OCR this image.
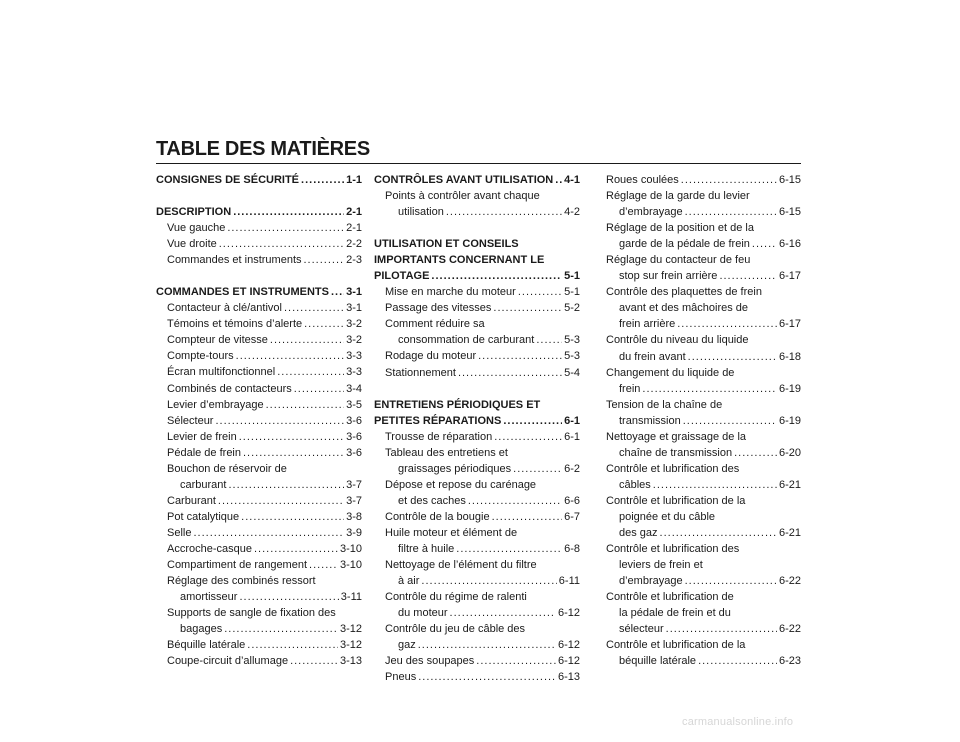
TABLE DES MATIÈRES
CONSIGNES DE SÉCURITÉ .....	1-1
DESCRIPTION .....	2-1
Vue gauche .....	2-1
Vue droite .....	2-2
Commandes et instruments .....	2-3
COMMANDES ET INSTRUMENTS ..... 3-1
Contacteur à clé/antivol .....	3-1
Témoins et témoins d’alerte .....	3-2
Compteur de vitesse .....	3-2
Compte-tours .....	3-3
Écran multifonctionnel .....	3-3
Combinés de contacteurs .....	3-4
Levier d’embrayage .....	3-5
Sélecteur .....	3-6
Levier de frein .....	3-6
Pédale de frein .....	3-6
Bouchon de réservoir de
carburant .....	3-7
Carburant .....	3-7
Pot catalytique .....	3-8
Selle .....	3-9
Accroche-casque .....	3-10
Compartiment de rangement .....	3-10
Réglage des combinés ressort
amortisseur .....	3-11
Supports de sangle de fixation des
bagages .....	3-12
Béquille latérale .....	3-12
Coupe-circuit d’allumage .....	3-13
CONTRÔLES AVANT UTILISATION ..... 4-1
Points à contrôler avant chaque
utilisation .....	4-2
UTILISATION ET CONSEILS
IMPORTANTS CONCERNANT LE
PILOTAGE .....	5-1
Mise en marche du moteur .....	5-1
Passage des vitesses .....	5-2
Comment réduire sa
consommation de carburant .....	5-3
Rodage du moteur .....	5-3
Stationnement .....	5-4
ENTRETIENS PÉRIODIQUES ET
PETITES RÉPARATIONS .....	6-1
Trousse de réparation .....	6-1
Tableau des entretiens et
graissages périodiques .....	6-2
Dépose et repose du carénage
et des caches .....	6-6
Contrôle de la bougie .....	6-7
Huile moteur et élément de
filtre à huile .....	6-8
Nettoyage de l’élément du filtre
à air .....	6-11
Contrôle du régime de ralenti
du moteur .....	6-12
Contrôle du jeu de câble des
gaz .....	6-12
Jeu des soupapes .....	6-12
Pneus .....	6-13
Roues coulées .....	6-15
Réglage de la garde du levier
d’embrayage .....	6-15
Réglage de la position et de la
garde de la pédale de frein .....	6-16
Réglage du contacteur de feu
stop sur frein arrière .....	6-17
Contrôle des plaquettes de frein
avant et des mâchoires de
frein arrière .....	6-17
Contrôle du niveau du liquide
du frein avant .....	6-18
Changement du liquide de
frein .....	6-19
Tension de la chaîne de
transmission .....	6-19
Nettoyage et graissage de la
chaîne de transmission .....	6-20
Contrôle et lubrification des
câbles .....	6-21
Contrôle et lubrification de la
poignée et du câble
des gaz .....	6-21
Contrôle et lubrification des
leviers de frein et
d’embrayage .....	6-22
Contrôle et lubrification de
la pédale de frein et du
sélecteur .....	6-22
Contrôle et lubrification de la
béquille latérale .....	6-23
carmanualsonline.info
